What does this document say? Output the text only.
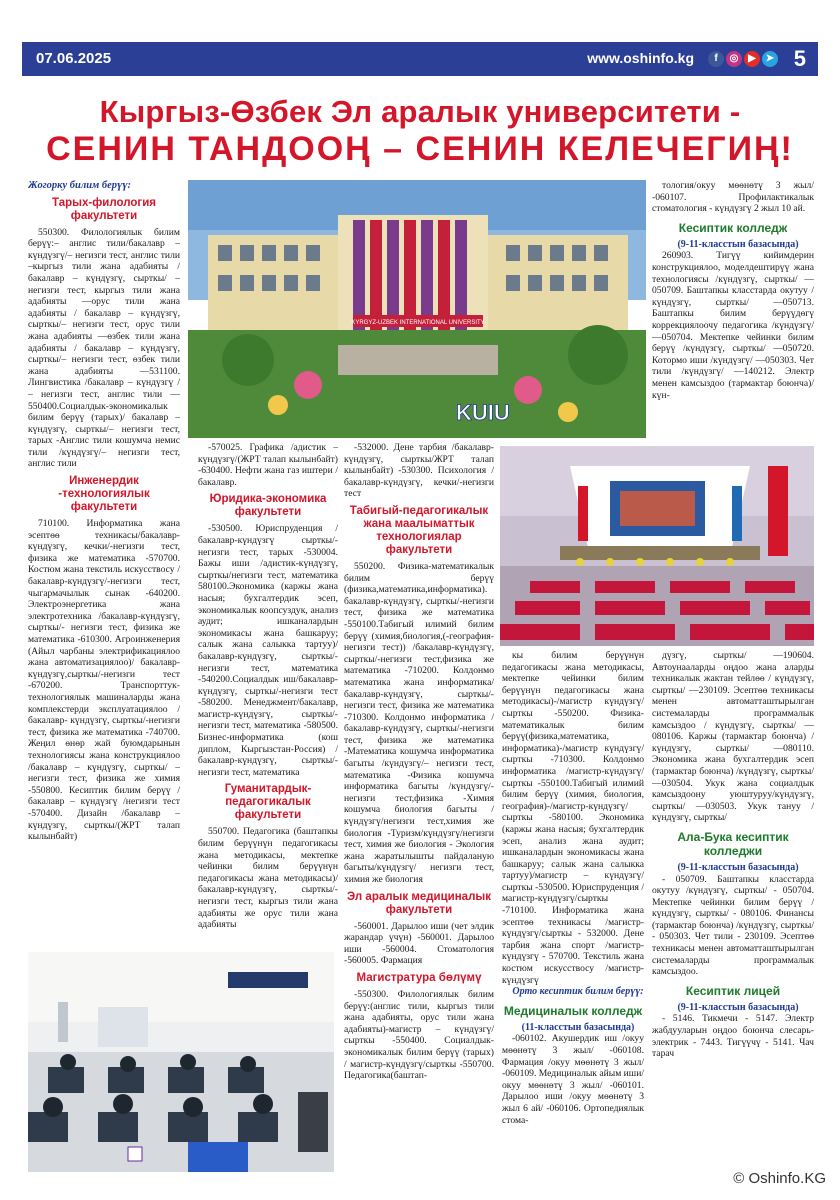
07.06.2025	www.oshinfo.kg	f	◎ ▶ ➤ 5
Кыргыз-Өзбек Эл аралык университети -
СЕНИН ТАНДООҢ – СЕНИН КЕЛЕЧЕГИҢ!

Жогорку билим берүү:

Тарых-филология факультети

550300. Филологиялык билим берүү:– англис тили/бакалавр – күндүзгү/– негизги тест, англис тили –кыргыз тили жана адабияты /бакалавр – күндүзгү, сырткы/ – негизги тест, кыргыз тили жана адабияты —орус тили жана адабияты / бакалавр – күндүзгү, сырткы/– негизги тест, орус тили жана адабияты —өзбек тили жана адабияты / бакалавр – күндүзгү, сырткы/– негизги тест, өзбек тили жана адабияты —531100. Лингвистика /бакалавр – күндүзгү / – негизги тест, англис тили —550400.Социалдык-экономикалык билим берүү (тарых)/ бакалавр – күндүзгү, сырткы/– негизги тест, тарых -Англис тили кошумча немис тили /күндүзгү/– негизги тест, англис тили

Инженердик -технологиялык факультети

710100. Информатика жана эсептөө техникасы/бакалавр-күндүзгү, кечки/-негизги тест, физика же математика -570700. Костюм жана текстиль искусствосу /бакалавр-күндүзгү/-негизги тест, чыгармачылык сынак -640200. Электроэнергетика жана электротехника /бакалавр-күндүзгү, сырткы/- негизги тест, физика же математика -610300. Агроинженерия (Айыл чарбаны электрификациялоо жана автоматизациялоо)/ бакалавр-күндүзгү,сырткы/-негизги тест -670200. Транспорттук-технологиялык машиналарды жана комплекстерди эксплуатациялоо /бакалавр- күндүзгү, сырткы/-негизги тест, физика же математика -740700. Жеңил өнөр жай буюмдарынын технологиясы жана конструкциялоо /бакалавр – күндүзгү, сырткы/ – негизги тест, физика же химия -550800. Кесиптик билим берүү /бакалавр – күндүзгү /негизги тест -570400. Дизайн /бакалавр – күндүзгү, сырткы/(ЖРТ талап кылынбайт)

KYRGYZ-UZBEK INTERNATIONAL UNIVERSITY
KUIU

-570025. Графика /адистик – күндүзгү/(ЖРТ талап кылынбайт) -630400. Нефти жана газ иштери / бакалавр.

Юридика-экономика факультети

-530500. Юриспруденция /бакалавр-күндүзгү сырткы/-негизги тест, тарых -530004. Бажы иши /адистик-күндүзгү, сырткы/негизги тест, математика 580100.Экономика (каржы жана насыя; бухгалтердик эсеп, экономикалык коопсуздук, анализ аудит; ишканалардын экономикасы жана башкаруу; салык жана салыкка тартуу)/бакалавр-күндүзгү, сырткы/-негизги тест, математика -540200.Социалдык иш/бакалавр-күндүзгү, сырткы/-негизги тест -580200. Менеджмент/бакалавр, магистр-күндүзгү, сырткы/-негизги тест, математика -580500. Бизнес-информатика (кош диплом, Кыргызстан-Россия) /бакалавр-күндүзгү, сырткы/-негизги тест, математика

Гуманитардык-педагогикалык факультети

550700. Педагогика (баштапкы билим берүүнүн педагогикасы жана методикасы, мектепке чейинки билим берүүнүн педагогикасы жана методикасы)/бакалавр-күндүзгү, сырткы/-негизги тест, кыргыз тили жана адабияты же орус тили жана адабияты

-532000. Дене тарбия /бакалавр-күндүзгү, сырткы/ЖРТ талап кылынбайт) -530300. Психология /бакалавр-күндүзгү, кечки/-негизги тест

Табигый-педагогикалык жана маалыматтык технологиялар факультети

550200. Физика-математикалык билим берүү (физика,математика,информатика). бакалавр-күндүзгү, сырткы/-негизги тест, физика же математика -550100.Табигый илимий билим берүү (химия,биология,(-география-негизги тест)) /бакалавр-күндүзгү, сырткы/-негизги тест,физика же математика -710200. Колдонмо математика жана информатика/бакалавр-күндүзгү, сырткы/- негизги тест, физика же математика -710300. Колдонмо информатика /бакалавр-күндүзгү, сырткы/-негизги тест, физика же математика -Математика кошумча информатика багыты /күндүзгү/– негизги тест, математика -Физика кошумча информатика багыты /күндүзгү/-негизги тест,физика -Химия кошумча биология багыты /күндүзгү/негизги тест,химия же биология -Туризм/күндүзгү/негизги тест, химия же биология - Экология жана жаратылышты пайдаланую багыты/күндүзгү/ негизги тест, химия же биология

Эл аралык медициналык факультети

-560001. Дарылоо иши (чет элдик жарандар үчүн) -560001. Дарылоо иши -560004. Стоматология -560005. Фармация

Магистратура бөлүмү

-550300. Филологиялык билим берүү:(англис тили, кыргыз тили жана адабияты, орус тили жана адабияты)-магистр – күндүзгү/сырткы -550400. Социалдык-экономикалык билим берүү (тарых) / магистр-күндүзгү/сырткы -550700. Педагогика(баштап-

кы билим берүүнүн педагогикасы жана методикасы, мектепке чейинки билим берүүнүн педагогикасы жана методикасы)-/магистр күндүзгү/сырткы -550200. Физика-математикалык билим берүү(физика,математика, информатика)-/магистр күндүзгү/сырткы -710300. Колдонмо информатика /магистр-күндүзгү/ сырткы -550100.Табигый илимий билим берүү (химия, биология, география)-/магистр-күндүзгү/ сырткы -580100. Экономика (каржы жана насыя; бухгалтердик эсеп, анализ жана аудит; ишканалардын экономикасы жана башкаруу; салык жана салыкка тартуу)/магистр – күндүзгү/сырткы -530500. Юриспруденция / магистр-күндүзгү/сырткы -710100. Информатика жана эсептөө техникасы /магистр-күндүзгү/сырткы - 532000. Дене тарбия жана спорт /магистр-күндүзгү - 570700. Текстиль жана костюм искусствосу /магистр-күндүзгү

Орто кесиптик билим берүү:

Медициналык колледж

(11-класстын базасында)

-060102. Акушердик иш /окуу мөөнөтү 3 жыл/ -060108. Фармация /окуу мөөнөтү 3 жыл/ -060109. Медициналык айым иши/окуу мөөнөтү 3 жыл/ -060101. Дарылоо иши /окуу мөөнөтү 3 жыл 6 ай/ -060106. Ортопедиялык стома-

тология/окуу мөөнөтү 3 жыл/ -060107. Профилактикалык стоматология - күндүзгү 2 жыл 10 ай.

Кесиптик колледж

(9-11-класстын базасында)

260903. Тигүү кийимдерин конструкциялоо, моделдештирүү жана технологиясы /күндүзгү, сырткы/ —050709. Баштапкы класстарда окутуу /күндүзгү, сырткы/ —050713. Баштапкы билим берүүдөгү коррекциялоочу педагогика /күндүзгү/ —050704. Мектепке чейинки билим берүү /күндүзгү, сырткы/ —050720. Котормо иши /күндүзгү/ —050303. Чет тили /күндүзгү/ —140212. Электр менен камсыздоо (тармактар боюнча)/күн-

дүзгү, сырткы/ —190604. Автоунааларды оңдоо жана аларды техникалык жактан тейлөө / күндүзгү, сырткы/ —230109. Эсептөө техникасы менен автоматташтырылган системаларды программалык камсыздоо / күндүзгү, сырткы/ —080106. Каржы (тармактар боюнча) / күндүзгү, сырткы/ —080110. Экономика жана бухгалтердик эсеп (тармактар боюнча) /күндүзгү, сырткы/ —030504. Укук жана социалдык камсыздоону уюштуруу/күндүзгү, сырткы/ —030503. Укук тануу / күндүзгү, сырткы/

Ала-Бука кесиптик колледжи

(9-11-класстын базасында)

- 050709. Баштапкы класстарда окутуу /күндүзгү, сырткы/ - 050704. Мектепке чейинки билим берүү /күндүзгү, сырткы/ - 080106. Финансы (тармактар боюнча) /күндүзгү, сырткы/ - 050303. Чет тили - 230109. Эсептөө техникасы менен автоматташтырылган системаларды программалык камсыздоо.

Кесиптик лицей

(9-11-класстын базасында)

- 5146. Тикмечи - 5147. Электр жабдууларын оңдоо боюнча слесарь- электрик - 7443. Тигүүчү - 5141. Чач тарач

© Oshinfo.KG
